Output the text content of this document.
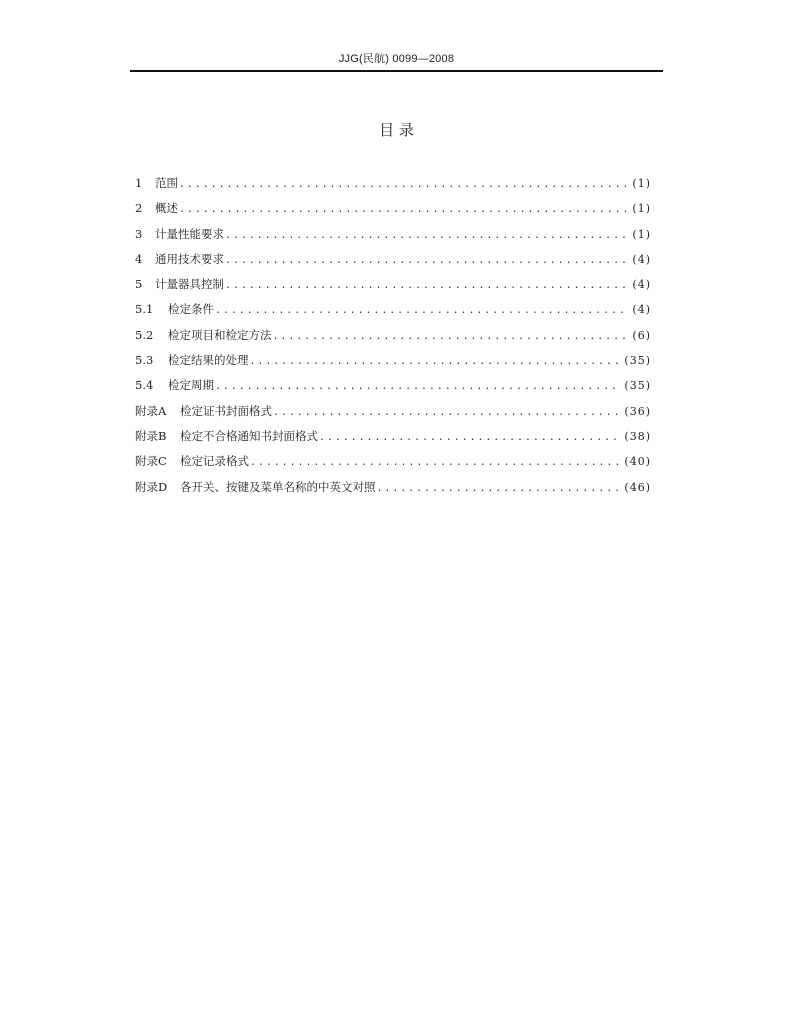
JJG(民航) 0099—2008
目 录
1	范围 .....	(1)
2	概述 .....	(1)
3	计量性能要求 .....	(1)
4	通用技术要求 .....	(4)
5	计量器具控制 .....	(4)
5.1	检定条件 .....	(4)
5.2	检定项目和检定方法 .....	(6)
5.3	检定结果的处理 .....	(35)
5.4	检定周期 .....	(35)
附录A	检定证书封面格式 .....	(36)
附录B	检定不合格通知书封面格式 .....	(38)
附录C	检定记录格式 .....	(40)
附录D	各开关、按键及菜单名称的中英文对照 .....	(46)
